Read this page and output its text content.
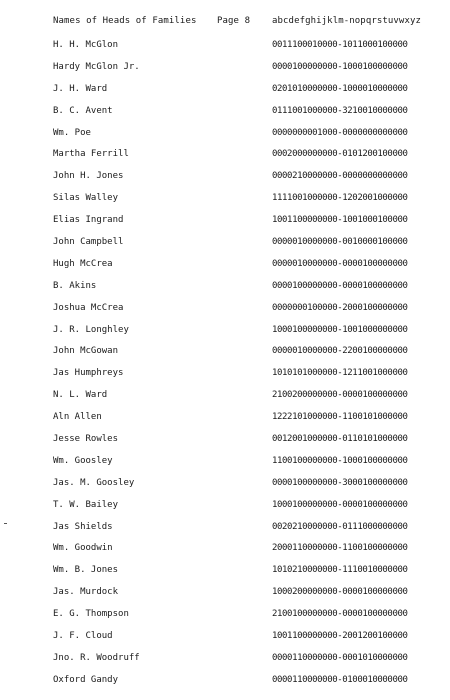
Names of Heads of Families Page 8 abcdefghijklm-nopqrstuvwxyz
H. H. McGlon	0011100010000-1011000100000
Hardy McGlon Jr.	0000100000000-1000100000000
J. H. Ward	0201010000000-1000010000000
B. C. Avent	0111001000000-3210010000000
Wm. Poe	0000000001000-0000000000000
Martha Ferrill	0002000000000-0101200100000
John H. Jones	0000210000000-0000000000000
Silas Walley	1111001000000-1202001000000
Elias Ingrand	1001100000000-1001000100000
John Campbell	0000010000000-0010000100000
Hugh McCrea	0000010000000-0000100000000
B. Akins	0000100000000-0000100000000
Joshua McCrea	0000000100000-2000100000000
J. R. Longhley	1000100000000-1001000000000
John McGowan	0000010000000-2200100000000
Jas Humphreys	1010101000000-1211001000000
N. L. Ward	2100200000000-0000100000000
Aln Allen	1222101000000-1100101000000
Jesse Rowles	0012001000000-0110101000000
Wm. Goosley	1100100000000-1000100000000
Jas. M. Goosley	0000100000000-3000100000000
T. W. Bailey	1000100000000-0000100000000
Jas Shields	0020210000000-0111000000000
Wm. Goodwin	2000110000000-1100100000000
Wm. B. Jones	1010210000000-1110010000000
Jas. Murdock	1000200000000-0000100000000
E. G. Thompson	2100100000000-0000100000000
J. F. Cloud	1001100000000-2001200100000
Jno. R. Woodruff	0000110000000-0001010000000
Oxford Gandy	0000110000000-0100010000000
